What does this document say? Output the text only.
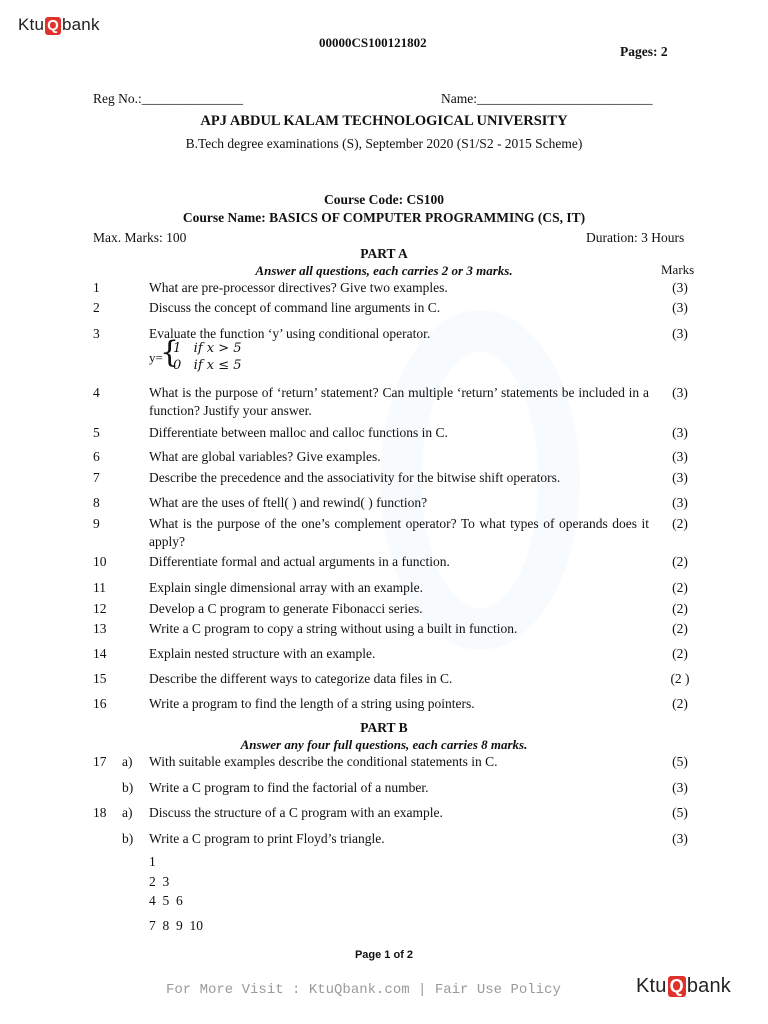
Ktu Q bank
00000CS100121802
Pages: 2
Reg No.:_______________	Name:__________________________
APJ ABDUL KALAM TECHNOLOGICAL UNIVERSITY
B.Tech degree examinations (S), September 2020 (S1/S2 - 2015 Scheme)
Course Code: CS100
Course Name: BASICS OF COMPUTER PROGRAMMING (CS, IT)
Max. Marks: 100	Duration: 3 Hours
PART A
Answer all questions, each carries 2 or 3 marks.	Marks
1	What are pre-processor directives? Give two examples.	(3)
2	Discuss the concept of command line arguments in C.	(3)
3	Evaluate the function ‘y’ using conditional operator.	(3)
y=
{
1   if x > 5
0   if x ≤ 5
4	What is the purpose of ‘return’ statement? Can multiple ‘return’ statements be included in a function? Justify your answer.
(3)
5	Differentiate between malloc and calloc functions in C.	(3)
6	What are global variables? Give examples.	(3)
7	Describe the precedence and the associativity for the bitwise shift operators.	(3)
8	What are the uses of ftell( ) and rewind( ) function?	(3)
9	What is the purpose of the one’s complement operator? To what types of operands does it apply?
(2)
10	Differentiate formal and actual arguments in a function.	(2)
11	Explain single dimensional array with an example.	(2)
12	Develop a C program to generate Fibonacci series.	(2)
13	Write a C program to copy a string without using a built in function.	(2)
14	Explain nested structure with an example.	(2)
15	Describe the different ways to categorize data files in C.	(2 )
16	Write a program to find the length of a string using pointers.	(2)
PART B
Answer any four full questions, each carries 8 marks.
17 a) With suitable examples describe the conditional statements in C.	(5)
b) Write a C program to find the factorial of a number.	(3)
18 a) Discuss the structure of a C program with an example.	(5)
b) Write a C program to print Floyd’s triangle.	(3)
1
2  3
4  5  6
7  8  9  10
Page 1 of 2
For More Visit : KtuQbank.com | Fair Use Policy	Ktu Q bank
